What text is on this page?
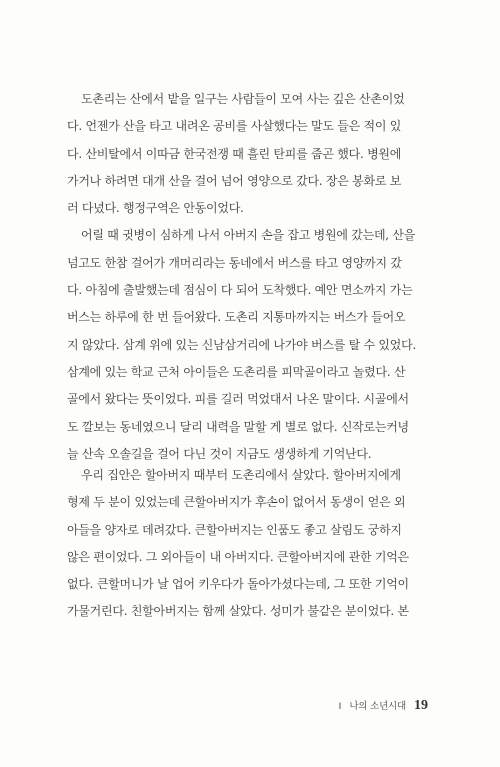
도촌리는 산에서 밭을 일구는 사람들이 모여 사는 깊은 산촌이었
다. 언젠가 산을 타고 내려온 공비를 사살했다는 말도 들은 적이 있
다. 산비탈에서 이따금 한국전쟁 때 흘린 탄피를 줍곤 했다. 병원에
가거나 하려면 대개 산을 걸어 넘어 영양으로 갔다. 장은 봉화로 보
러 다녔다. 행정구역은 안동이었다.
어릴 때 귓병이 심하게 나서 아버지 손을 잡고 병원에 갔는데, 산을
넘고도 한참 걸어가 개머리라는 동네에서 버스를 타고 영양까지 갔
다. 아침에 출발했는데 점심이 다 되어 도착했다. 예안 면소까지 가는
버스는 하루에 한 번 들어왔다. 도촌리 지통마까지는 버스가 들어오
지 않았다. 삼계 위에 있는 신남삼거리에 나가야 버스를 탈 수 있었다.
삼계에 있는 학교 근처 아이들은 도촌리를 피막골이라고 놀렸다. 산
골에서 왔다는 뜻이었다. 피를 길러 먹었대서 나온 말이다. 시골에서
도 깔보는 동네였으니 달리 내력을 말할 게 별로 없다. 신작로는커녕
늘 산속 오솔길을 걸어 다닌 것이 지금도 생생하게 기억난다.
우리 집안은 할아버지 때부터 도촌리에서 살았다. 할아버지에게
형제 두 분이 있었는데 큰할아버지가 후손이 없어서 동생이 얻은 외
아들을 양자로 데려갔다. 큰할아버지는 인품도 좋고 살림도 궁하지
않은 편이었다. 그 외아들이 내 아버지다. 큰할아버지에 관한 기억은
없다. 큰할머니가 날 업어 키우다가 돌아가셨다는데, 그 또한 기억이
가물거린다. 친할아버지는 함께 살았다. 성미가 불같은 분이었다. 본
I 나의 소년시대 19
